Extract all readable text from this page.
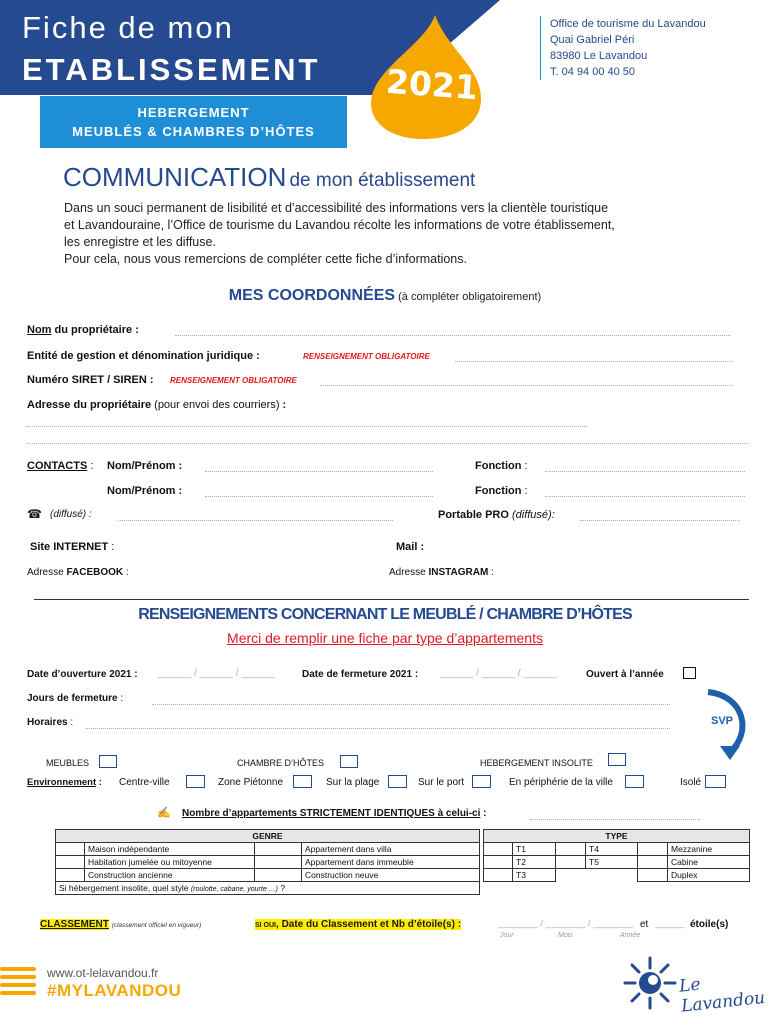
Fiche de mon
ETABLISSEMENT
HEBERGEMENT
MEUBLÉS & CHAMBRES D’HÔTES
2021
Office de tourisme du Lavandou
Quai Gabriel Péri
83980 Le Lavandou
T. 04 94 00 40 50
COMMUNICATION de mon établissement
Dans un souci permanent de lisibilité et d’accessibilité des informations vers la clientèle touristique
et Lavandouraine, l’Office de tourisme du Lavandou récolte les informations de votre établissement,
les enregistre et les diffuse.
Pour cela, nous vous remercions de compléter cette fiche d’informations.
MES COORDONNÉES (à compléter obligatoirement)
Nom du propriétaire :
Entité de gestion et dénomination juridique :	RENSEIGNEMENT OBLIGATOIRE
Numéro SIRET / SIREN : RENSEIGNEMENT OBLIGATOIRE
Adresse du propriétaire (pour envoi des courriers) :
CONTACTS : Nom/Prénom :	Fonction :
Nom/Prénom :	Fonction :
☎ (diffusé) :	Portable PRO (diffusé):
Site INTERNET :	Mail :
Adresse FACEBOOK :	Adresse INSTAGRAM :
RENSEIGNEMENTS CONCERNANT LE MEUBLÉ / CHAMBRE D’HÔTES
Merci de remplir une fiche par type d’appartements
Date d’ouverture 2021 : ______ / ______ / ______	Date de fermeture 2021 : ______ / ______ / ______	Ouvert à l’année
Jours de fermeture :
Horaires :	SVP
MEUBLES	CHAMBRE D’HÔTES	HEBERGEMENT INSOLITE
Environnement : Centre-ville	Zone Piétonne	Sur la plage	Sur le port	En périphérie de la ville	Isolé
✍ Nombre d’appartements STRICTEMENT IDENTIQUES à celui-ci :
GENRE			
	Maison indépendante		Appartement dans villa
	Habitation jumelée ou mitoyenne		Appartement dans immeuble
	Construction ancienne		Construction neuve
Si hébergement insolite, quel style (roulotte, cabane, yourte …) ?			
TYPE					
	T1		T4		Mezzanine
	T2		T5		Cabine
	T3				Duplex
CLASSEMENT (classement officiel en vigueur)	SI OUI, Date du Classement et Nb d’étoile(s) :	________ / ________ / ________ et ______ étoile(s)
Jour	Mois	Année
www.ot-lelavandou.fr
#MYLAVANDOU	Le Lavandou
